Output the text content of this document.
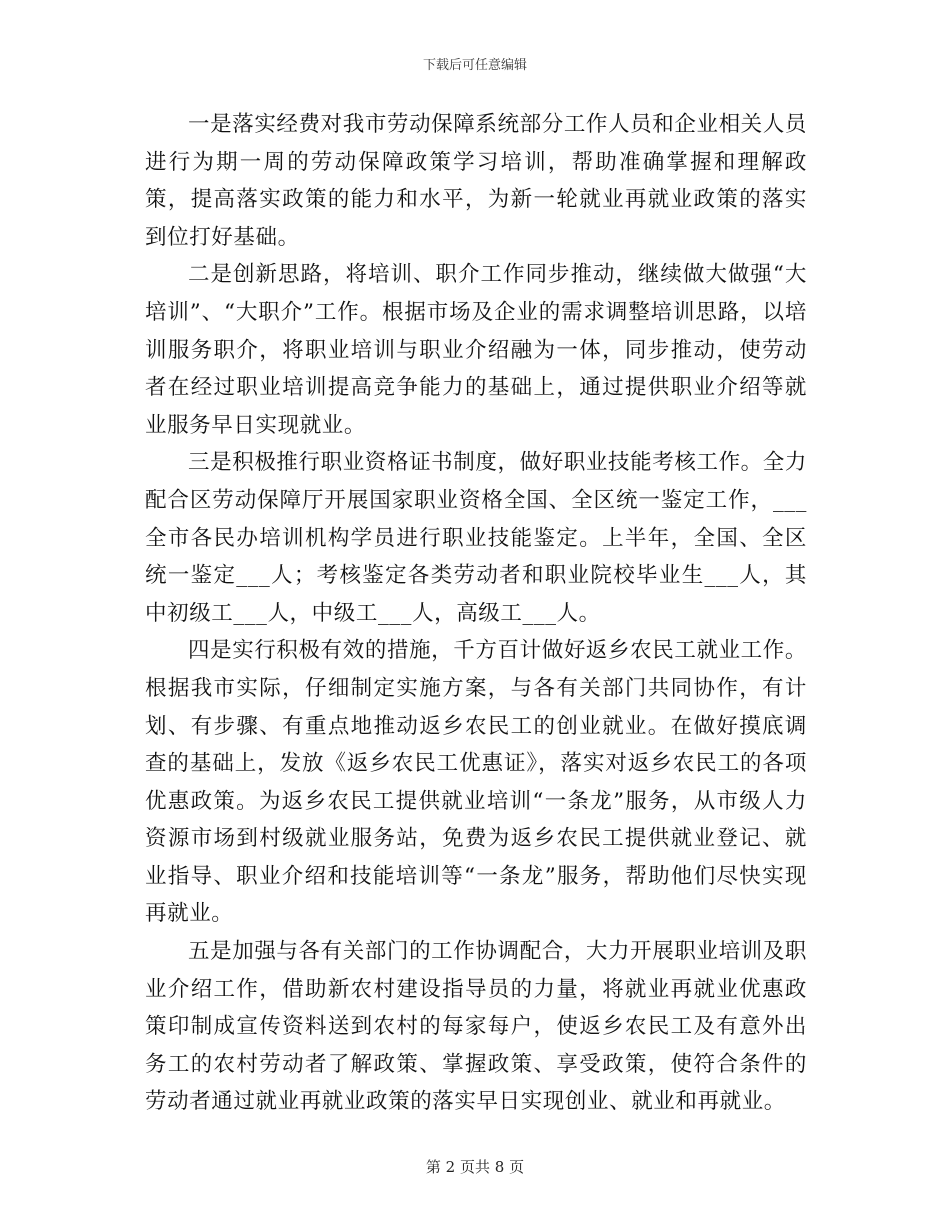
下载后可任意编辑

一是落实经费对我市劳动保障系统部分工作人员和企业相关人员进行为期一周的劳动保障政策学习培训，帮助准确掌握和理解政策，提高落实政策的能力和水平，为新一轮就业再就业政策的落实到位打好基础。

二是创新思路，将培训、职介工作同步推动，继续做大做强“大培训”、“大职介”工作。根据市场及企业的需求调整培训思路，以培训服务职介，将职业培训与职业介绍融为一体，同步推动，使劳动者在经过职业培训提高竞争能力的基础上，通过提供职业介绍等就业服务早日实现就业。

三是积极推行职业资格证书制度，做好职业技能考核工作。全力配合区劳动保障厅开展国家职业资格全国、全区统一鉴定工作，___全市各民办培训机构学员进行职业技能鉴定。上半年，全国、全区统一鉴定___人；考核鉴定各类劳动者和职业院校毕业生___人，其中初级工___人，中级工___人，高级工___人。

四是实行积极有效的措施，千方百计做好返乡农民工就业工作。根据我市实际，仔细制定实施方案，与各有关部门共同协作，有计划、有步骤、有重点地推动返乡农民工的创业就业。在做好摸底调查的基础上，发放《返乡农民工优惠证》，落实对返乡农民工的各项优惠政策。为返乡农民工提供就业培训“一条龙”服务，从市级人力资源市场到村级就业服务站，免费为返乡农民工提供就业登记、就业指导、职业介绍和技能培训等“一条龙”服务，帮助他们尽快实现再就业。

五是加强与各有关部门的工作协调配合，大力开展职业培训及职业介绍工作，借助新农村建设指导员的力量，将就业再就业优惠政策印制成宣传资料送到农村的每家每户，使返乡农民工及有意外出务工的农村劳动者了解政策、掌握政策、享受政策，使符合条件的劳动者通过就业再就业政策的落实早日实现创业、就业和再就业。

第 2 页共 8 页
